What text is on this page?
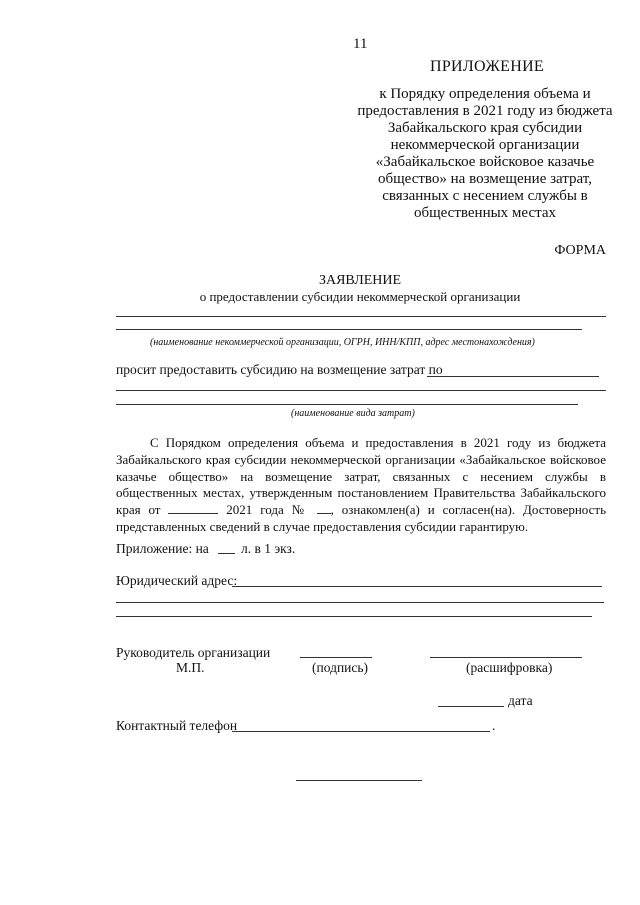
11
ПРИЛОЖЕНИЕ
к Порядку определения объема и
предоставления в 2021 году из бюджета
Забайкальского края субсидии
некоммерческой организации
«Забайкальское войсковое казачье
общество» на возмещение затрат,
связанных с несением службы в
общественных местах
ФОРМА
ЗАЯВЛЕНИЕ
о предоставлении субсидии некоммерческой организации
(наименование некоммерческой организации, ОГРН, ИНН/КПП, адрес местонахождения)
просит предоставить субсидию на возмещение затрат по
(наименование вида затрат)
С Порядком определения объема и предоставления в 2021 году из бюджета Забайкальского края субсидии некоммерческой организации «Забайкальское войсковое казачье общество» на возмещение затрат, связанных с несением службы в общественных местах, утвержденным постановлением Правительства Забайкальского края от	2021 года № , ознакомлен(а) и согласен(на). Достоверность представленных сведений в случае предоставления субсидии гарантирую.
Приложение: на л. в 1 экз.
Юридический адрес:
Руководитель организации
М.П.	(подпись)	(расшифровка)
дата
Контактный телефон	.
